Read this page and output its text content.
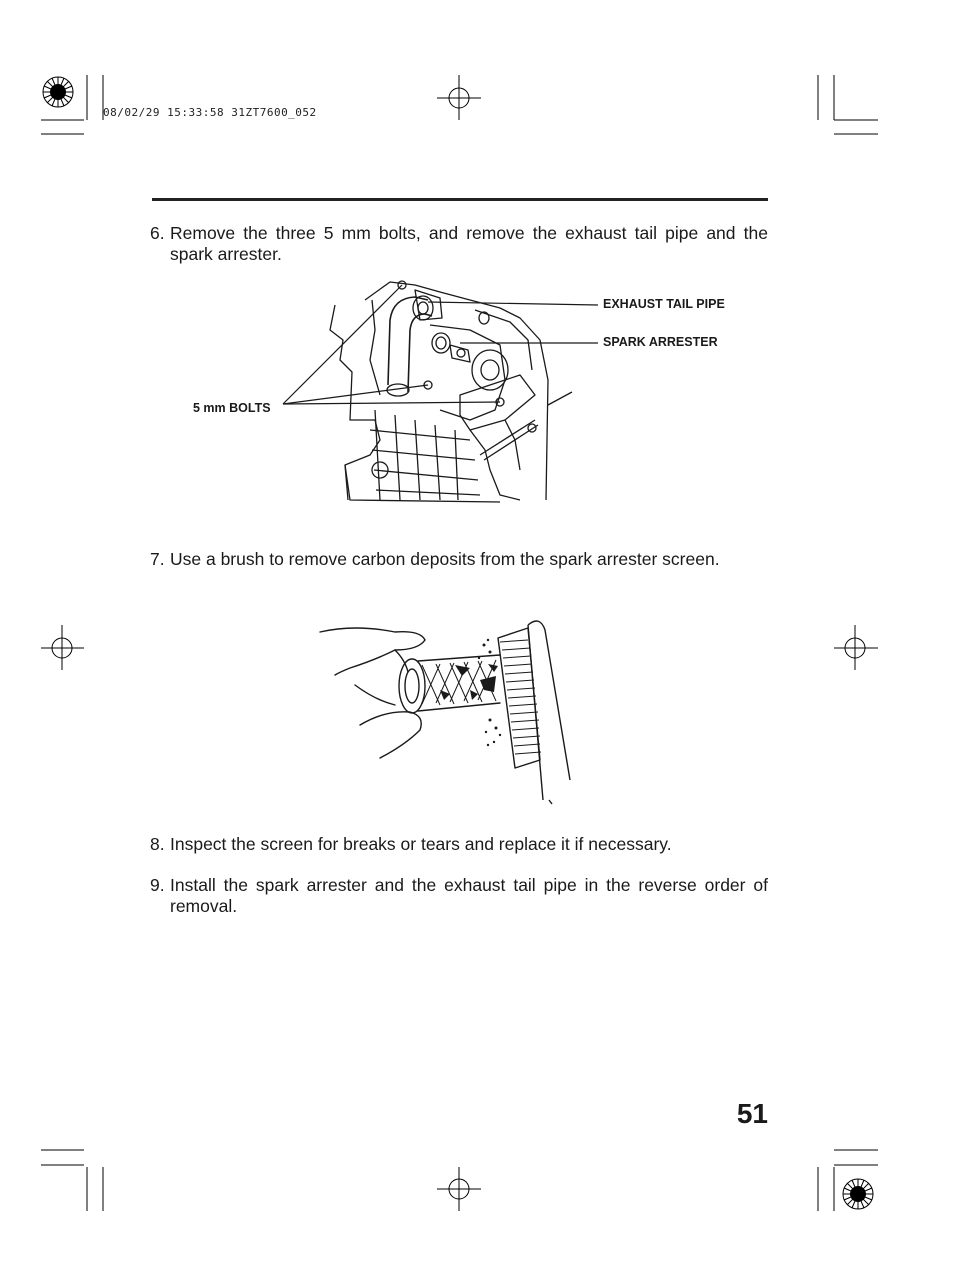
08/02/29 15:33:58 31ZT7600_052
6. Remove the three 5 mm bolts, and remove the exhaust tail pipe and the spark arrester.
EXHAUST TAIL PIPE
SPARK ARRESTER
5 mm BOLTS
7. Use a brush to remove carbon deposits from the spark arrester screen.
8. Inspect the screen for breaks or tears and replace it if necessary.
9. Install the spark arrester and the exhaust tail pipe in the reverse order of removal.
51
